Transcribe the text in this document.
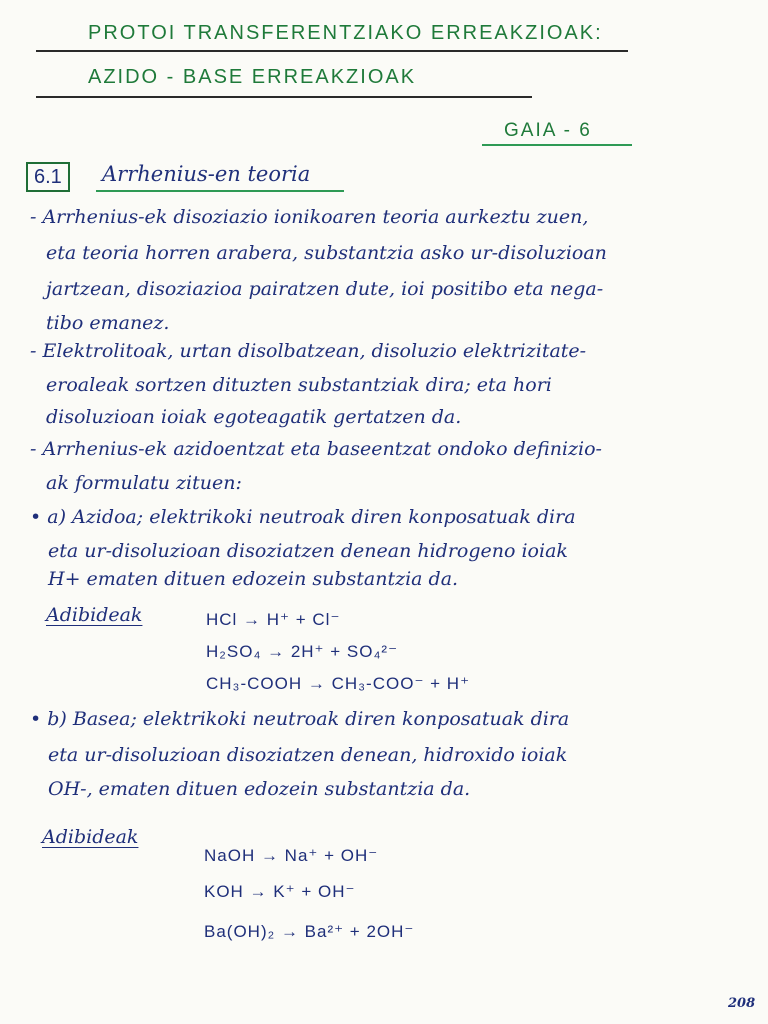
PROTOI TRANSFERENTZIAKO ERREAKZIOAK:
AZIDO - BASE ERREAKZIOAK
GAIA - 6
6.1	Arrhenius-en teoria
- Arrhenius-ek disoziazio ionikoaren teoria aurkeztu zuen,
eta teoria horren arabera, substantzia asko ur-disoluzioan
jartzean, disoziazioa pairatzen dute, ioi positibo eta nega-
tibo emanez.
- Elektrolitoak, urtan disolbatzean, disoluzio elektrizitate-
eroaleak sortzen dituzten substantziak dira; eta hori
disoluzioan ioiak egoteagatik gertatzen da.
- Arrhenius-ek azidoentzat eta baseentzat ondoko definizio-
ak formulatu zituen:
• a) Azidoa; elektrikoki neutroak diren konposatuak dira
eta ur-disoluzioan disoziatzen denean hidrogeno ioiak
H+ ematen dituen edozein substantzia da.
Adibideak	HCl → H⁺ + Cl⁻
H₂SO₄ → 2H⁺ + SO₄²⁻
CH₃-COOH → CH₃-COO⁻ + H⁺
• b) Basea; elektrikoki neutroak diren konposatuak dira
eta ur-disoluzioan disoziatzen denean, hidroxido ioiak
OH-, ematen dituen edozein substantzia da.
Adibideak
NaOH → Na⁺ + OH⁻
KOH → K⁺ + OH⁻
Ba(OH)₂ → Ba²⁺ + 2OH⁻
208
